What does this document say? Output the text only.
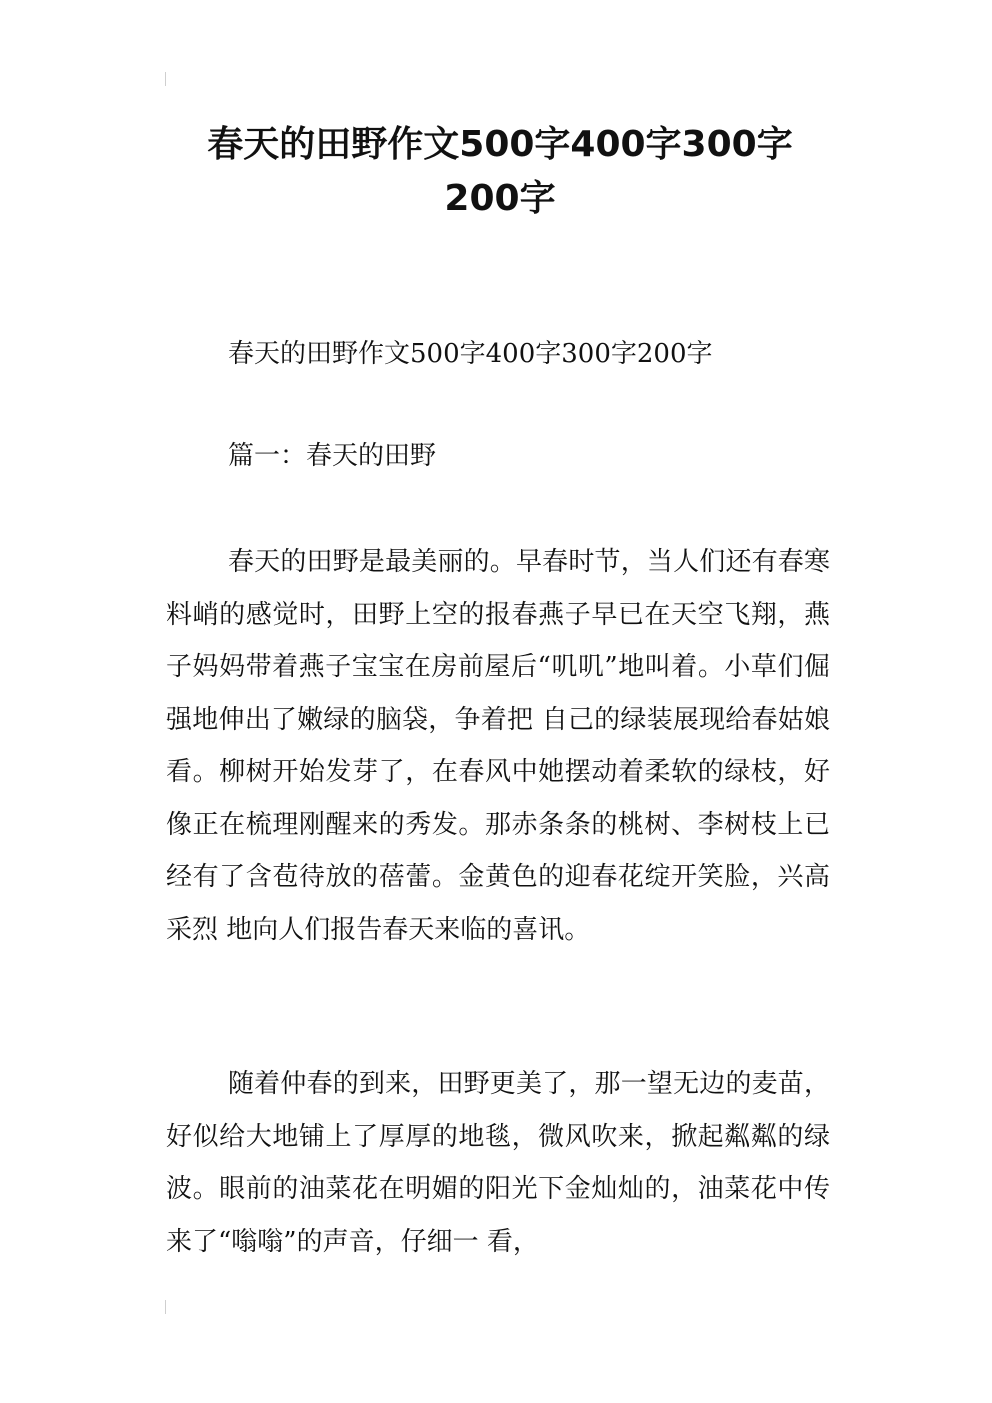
春天的田野作文500字400字300字
200字

春天的田野作文500字400字300字200字

篇一：春天的田野

春天的田野是最美丽的。早春时节，当人们还有春寒料峭的感觉时，田野上空的报春燕子早已在天空飞翔，燕子妈妈带着燕子宝宝在房前屋后“叽叽”地叫着。小草们倔强地伸出了嫩绿的脑袋，争着把 自己的绿装展现给春姑娘看。柳树开始发芽了，在春风中她摆动着柔软的绿枝，好像正在梳理刚醒来的秀发。那赤条条的桃树、李树枝上已经有了含苞待放的蓓蕾。金黄色的迎春花绽开笑脸，兴高采烈 地向人们报告春天来临的喜讯。

随着仲春的到来，田野更美了，那一望无边的麦苗，好似给大地铺上了厚厚的地毯，微风吹来，掀起粼粼的绿波。眼前的油菜花在明媚的阳光下金灿灿的，油菜花中传来了“嗡嗡”的声音，仔细一 看，
